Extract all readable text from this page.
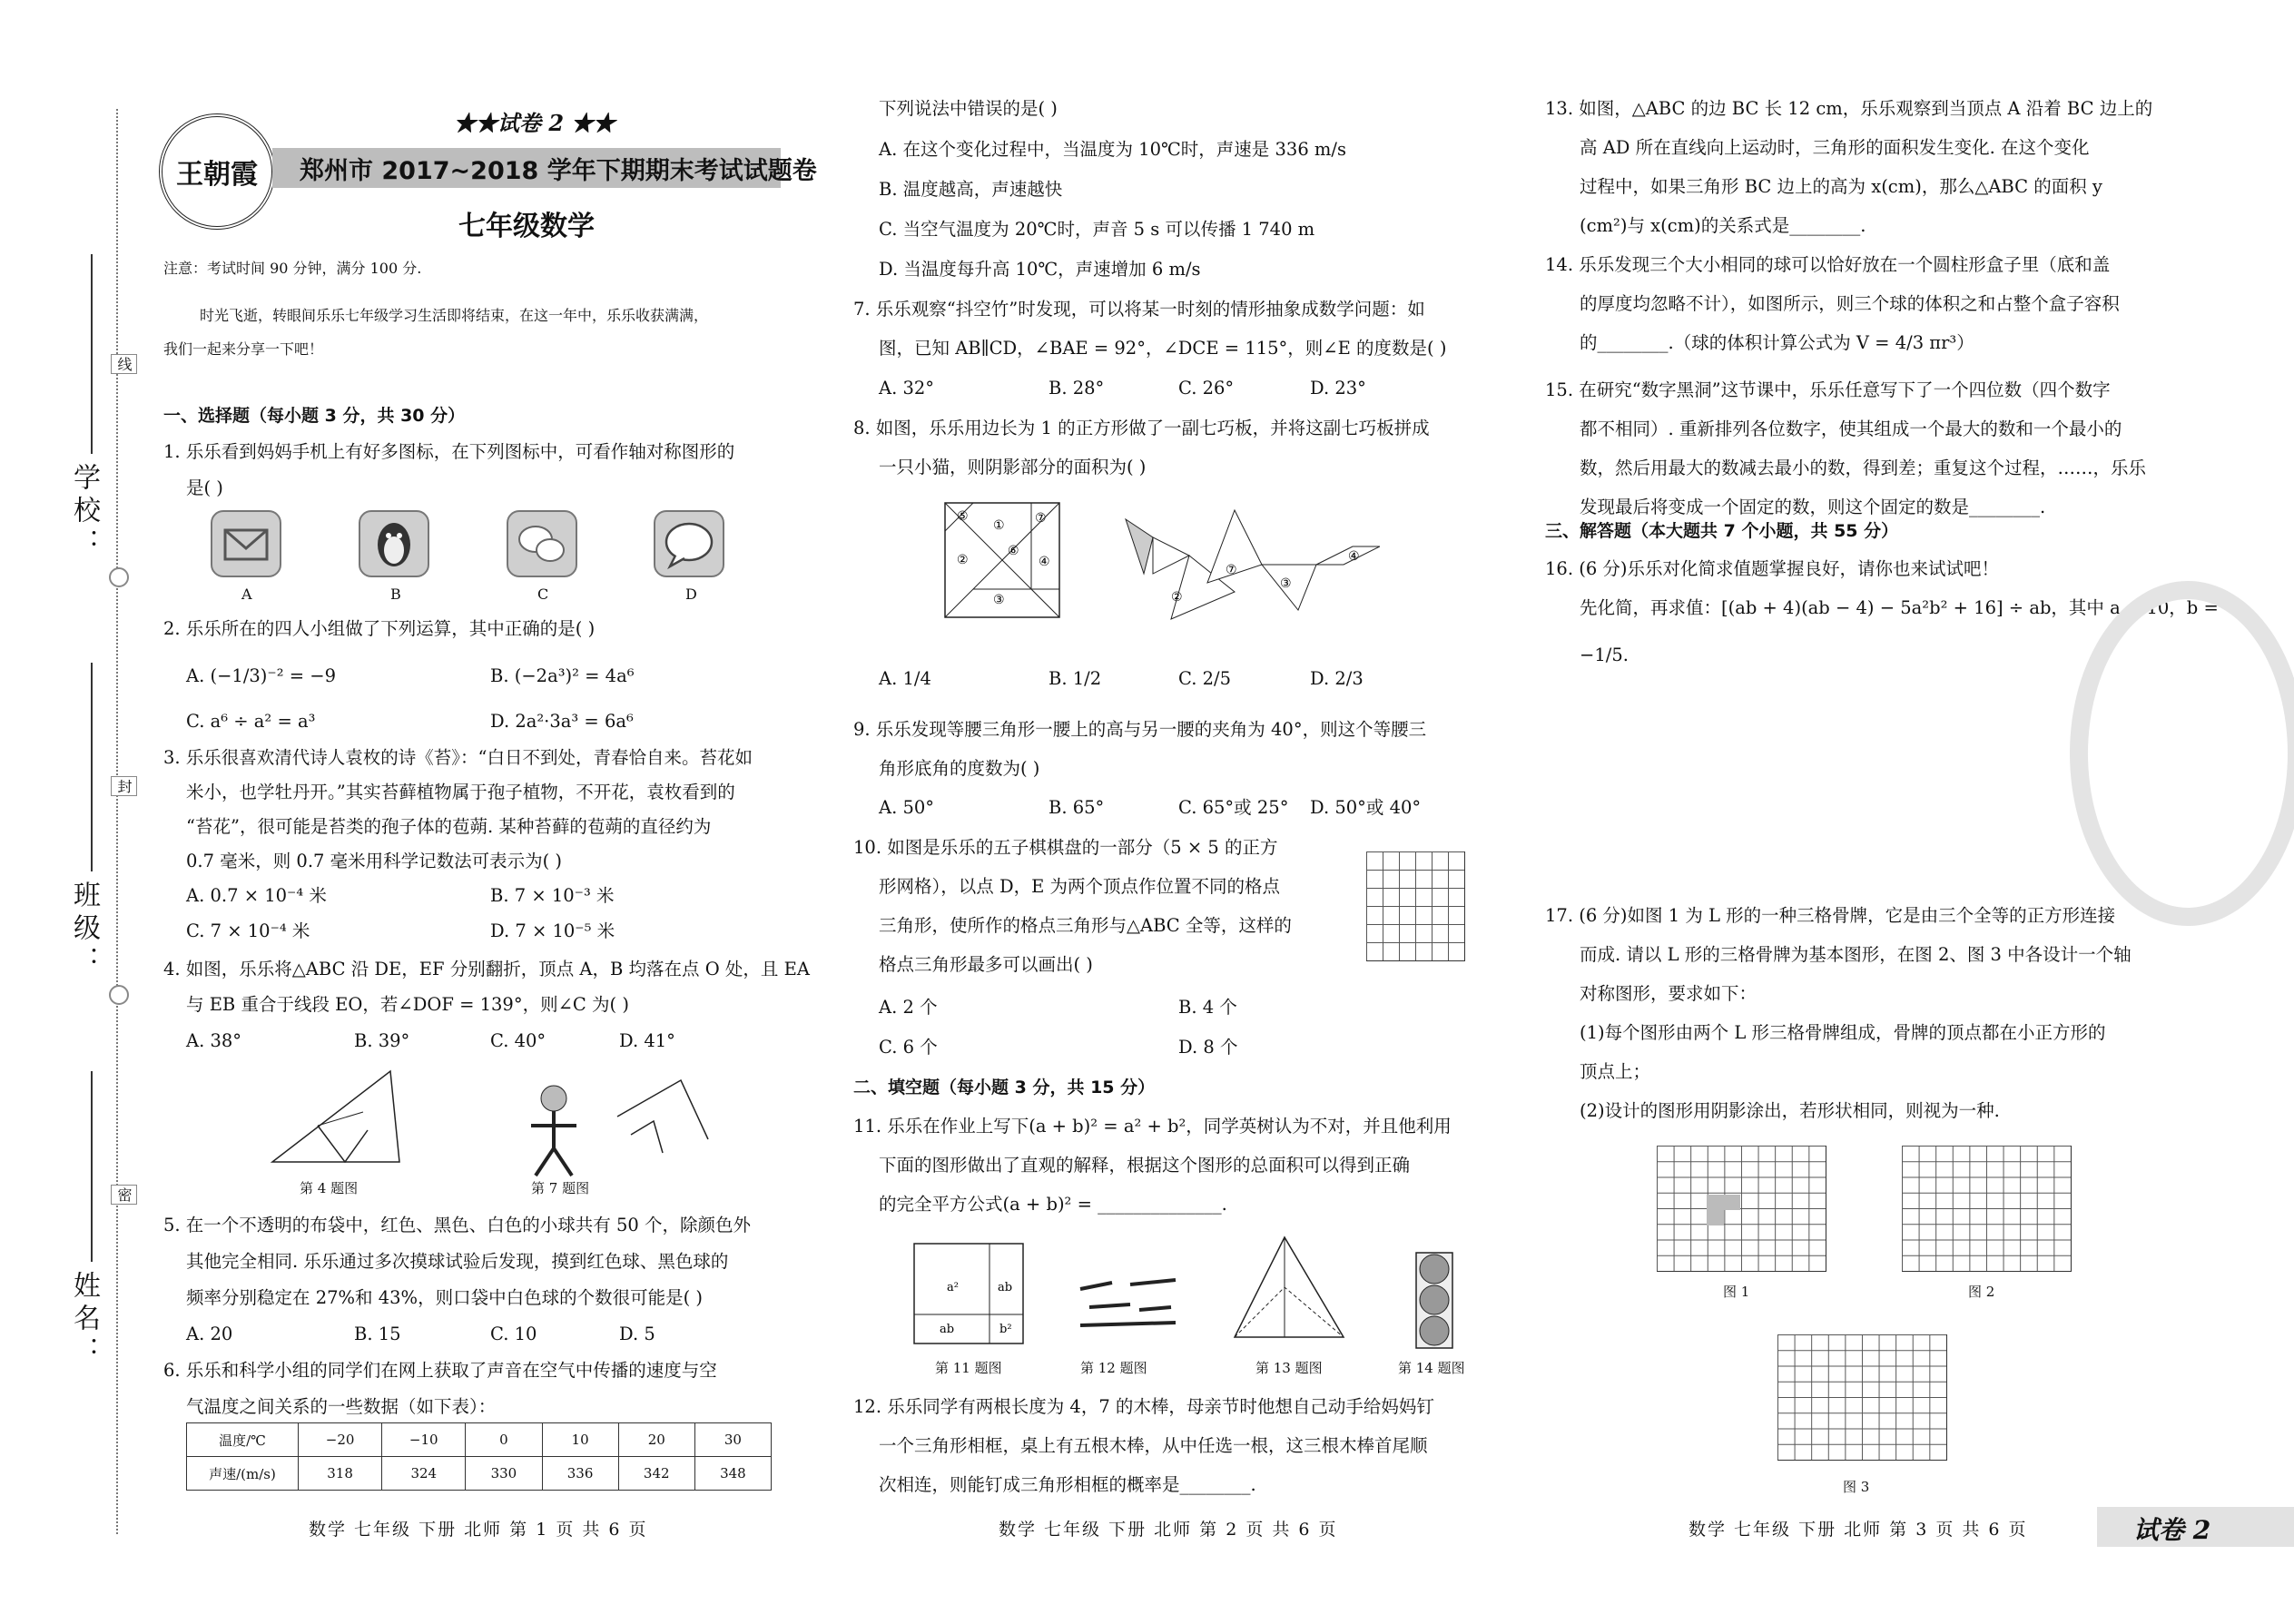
学校：
班级：
姓名：
线
封
密
王朝霞
★★试卷 2 ★★
郑州市 2017~2018 学年下期期末考试试题卷
七年级数学
注意：考试时间 90 分钟，满分 100 分.
时光飞逝，转眼间乐乐七年级学习生活即将结束，在这一年中，乐乐收获满满，
我们一起来分享一下吧！
一、选择题（每小题 3 分，共 30 分）
1. 乐乐看到妈妈手机上有好多图标，在下列图标中，可看作轴对称图形的
是( )
A	B	C	D
2. 乐乐所在的四人小组做了下列运算，其中正确的是( )
A. (−1/3)⁻² = −9	B. (−2a³)² = 4a⁶
C. a⁶ ÷ a² = a³	D. 2a²·3a³ = 6a⁶
3. 乐乐很喜欢清代诗人袁枚的诗《苔》：“白日不到处，青春恰自来。苔花如
米小，也学牡丹开。”其实苔藓植物属于孢子植物，不开花，袁枚看到的
“苔花”，很可能是苔类的孢子体的苞蒴. 某种苔藓的苞蒴的直径约为
0.7 毫米，则 0.7 毫米用科学记数法可表示为( )
A. 0.7 × 10⁻⁴ 米	B. 7 × 10⁻³ 米
C. 7 × 10⁻⁴ 米	D. 7 × 10⁻⁵ 米
4. 如图，乐乐将△ABC 沿 DE，EF 分别翻折，顶点 A，B 均落在点 O 处，且 EA
与 EB 重合于线段 EO，若∠DOF = 139°，则∠C 为( )
A. 38°	B. 39°	C. 40°	D. 41°
第 4 题图	第 7 题图
5. 在一个不透明的布袋中，红色、黑色、白色的小球共有 50 个，除颜色外
其他完全相同. 乐乐通过多次摸球试验后发现，摸到红色球、黑色球的
频率分别稳定在 27%和 43%，则口袋中白色球的个数很可能是( )
A. 20	B. 15	C. 10	D. 5
6. 乐乐和科学小组的同学们在网上获取了声音在空气中传播的速度与空
气温度之间关系的一些数据（如下表）：
温度/℃	−20	−10	0	10	20	30
声速/(m/s)	318	324	330	336	342	348
数学 七年级 下册 北师 第 1 页 共 6 页
下列说法中错误的是( )
A. 在这个变化过程中，当温度为 10℃时，声速是 336 m/s
B. 温度越高，声速越快
C. 当空气温度为 20℃时，声音 5 s 可以传播 1 740 m
D. 当温度每升高 10℃，声速增加 6 m/s
7. 乐乐观察“抖空竹”时发现，可以将某一时刻的情形抽象成数学问题：如
图，已知 AB∥CD，∠BAE = 92°，∠DCE = 115°，则∠E 的度数是( )
A. 32°	B. 28°	C. 26°	D. 23°
8. 如图，乐乐用边长为 1 的正方形做了一副七巧板，并将这副七巧板拼成
一只小猫，则阴影部分的面积为( )
⑤
① ⑦
②
⑥
④
③	②
⑦
③
④
A. 1/4	B. 1/2	C. 2/5	D. 2/3
9. 乐乐发现等腰三角形一腰上的高与另一腰的夹角为 40°，则这个等腰三
角形底角的度数为( )
A. 50°	B. 65°	C. 65°或 25° D. 50°或 40°
10. 如图是乐乐的五子棋棋盘的一部分（5 × 5 的正方
形网格），以点 D，E 为两个顶点作位置不同的格点
三角形，使所作的格点三角形与△ABC 全等，这样的
格点三角形最多可以画出( )
A. 2 个	B. 4 个
C. 6 个	D. 8 个
二、填空题（每小题 3 分，共 15 分）
11. 乐乐在作业上写下(a + b)² = a² + b²，同学英树认为不对，并且他利用
下面的图形做出了直观的解释，根据这个图形的总面积可以得到正确
的完全平方公式(a + b)² = ______________.
a²	ab
ab	b²
第 11 题图	第 12 题图	第 13 题图	第 14 题图
12. 乐乐同学有两根长度为 4，7 的木棒，母亲节时他想自己动手给妈妈钉
一个三角形相框，桌上有五根木棒，从中任选一根，这三根木棒首尾顺
次相连，则能钉成三角形相框的概率是________.
数学 七年级 下册 北师 第 2 页 共 6 页
13. 如图，△ABC 的边 BC 长 12 cm，乐乐观察到当顶点 A 沿着 BC 边上的
高 AD 所在直线向上运动时，三角形的面积发生变化. 在这个变化
过程中，如果三角形 BC 边上的高为 x(cm)，那么△ABC 的面积 y
(cm²)与 x(cm)的关系式是________.
14. 乐乐发现三个大小相同的球可以恰好放在一个圆柱形盒子里（底和盖
的厚度均忽略不计），如图所示，则三个球的体积之和占整个盒子容积
的________.（球的体积计算公式为 V = 4/3 πr³）
15. 在研究“数字黑洞”这节课中，乐乐任意写下了一个四位数（四个数字
都不相同）. 重新排列各位数字，使其组成一个最大的数和一个最小的
数，然后用最大的数减去最小的数，得到差；重复这个过程，……，乐乐
发现最后将变成一个固定的数，则这个固定的数是________.
三、解答题（本大题共 7 个小题，共 55 分）
16. (6 分)乐乐对化简求值题掌握良好，请你也来试试吧！
先化简，再求值：[(ab + 4)(ab − 4) − 5a²b² + 16] ÷ ab，其中 a = 10，b =
−1/5.
17. (6 分)如图 1 为 L 形的一种三格骨牌，它是由三个全等的正方形连接
而成. 请以 L 形的三格骨牌为基本图形，在图 2、图 3 中各设计一个轴
对称图形，要求如下：
(1)每个图形由两个 L 形三格骨牌组成，骨牌的顶点都在小正方形的
顶点上；
(2)设计的图形用阴影涂出，若形状相同，则视为一种.
图 1	图 2
图 3
数学 七年级 下册 北师 第 3 页 共 6 页	试卷 2
